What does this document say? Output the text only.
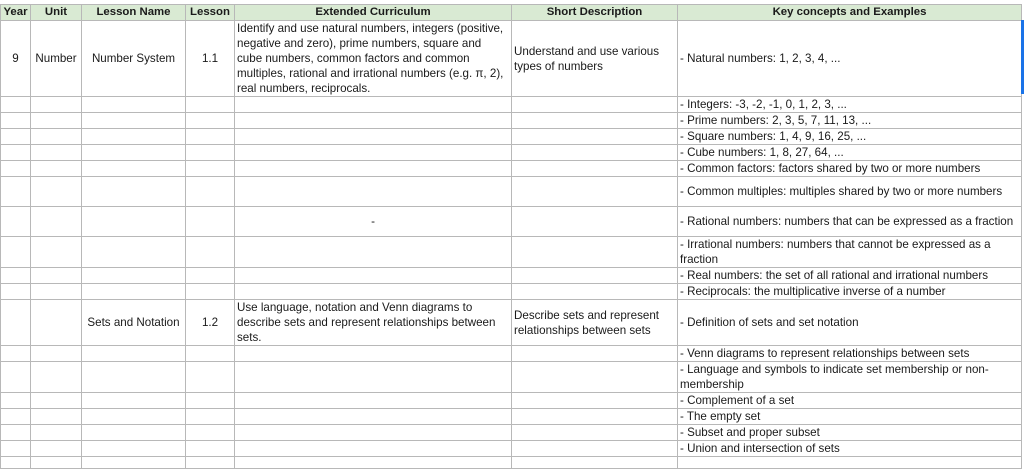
Year	Unit	Lesson Name	Lesson	Extended Curriculum	Short Description	Key concepts and Examples
9	Number	Number System	1.1	Identify and use natural numbers, integers (positive, negative and zero), prime numbers, square and cube numbers, common factors and common multiples, rational and irrational numbers (e.g. π, 2), real numbers, reciprocals.	Understand and use various types of numbers	- Natural numbers: 1, 2, 3, 4, ...
						- Integers: -3, -2, -1, 0, 1, 2, 3, ...
						- Prime numbers: 2, 3, 5, 7, 11, 13, ...
						- Square numbers: 1, 4, 9, 16, 25, ...
						- Cube numbers: 1, 8, 27, 64, ...
						- Common factors: factors shared by two or more numbers
						- Common multiples: multiples shared by two or more numbers
				-		- Rational numbers: numbers that can be expressed as a fraction
						- Irrational numbers: numbers that cannot be expressed as a fraction
						- Real numbers: the set of all rational and irrational numbers
						- Reciprocals: the multiplicative inverse of a number
		Sets and Notation	1.2	Use language, notation and Venn diagrams to describe sets and represent relationships between sets.	Describe sets and represent relationships between sets	- Definition of sets and set notation
						- Venn diagrams to represent relationships between sets
						- Language and symbols to indicate set membership or non-membership
						- Complement of a set
						- The empty set
						- Subset and proper subset
						- Union and intersection of sets
